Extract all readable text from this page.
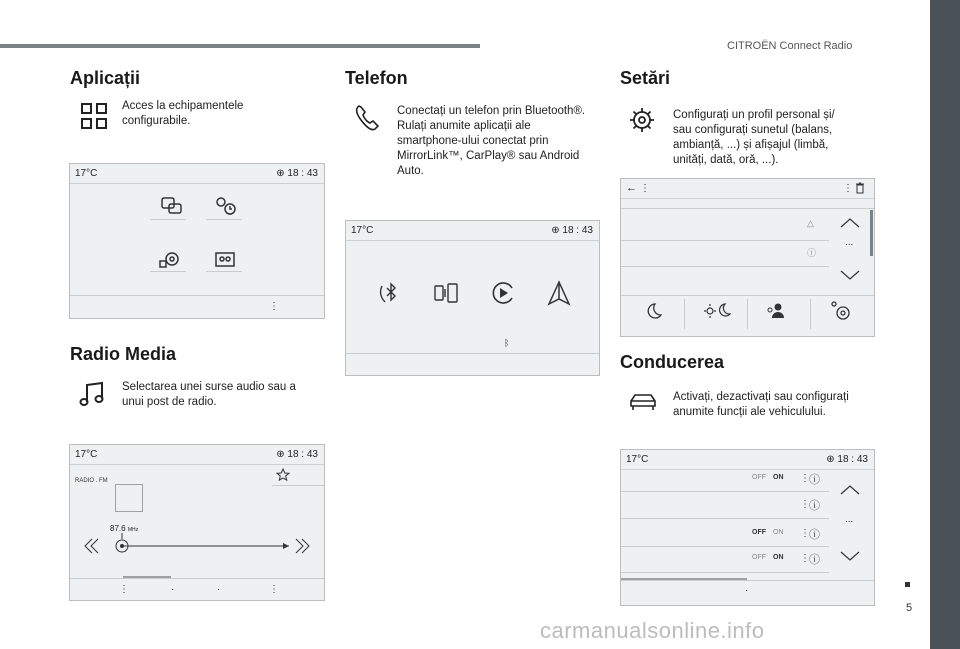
CITROËN Connect Radio
5
carmanualsonline.info
Aplicații
Acces la echipamentele
configurabile.
17°C	⊕ 18 : 43
⋮
Radio Media
Selectarea unei surse audio sau a
unui post de radio.
17°C	⊕ 18 : 43
RADIO . FM
87.6 MHz
⋮	·	·	⋮
Telefon
Conectați un telefon prin Bluetooth®.
Rulați anumite aplicații ale
smartphone-ului conectat prin
MirrorLink™, CarPlay® sau Android
Auto.
17°C	⊕ 18 : 43
ᛒ
Setări
Configurați un profil personal și/
sau configurați sunetul (balans,
ambianță, ...) și afișajul (limbă,
unități, dată, oră, ...).
← ⋮	⋮
△
ⓘ
...
Conducerea
Activați, dezactivați sau configurați
anumite funcții ale vehiculului.
17°C	⊕ 18 : 43
OFF ON ⋮ ⓘ
⋮ ⓘ
OFF ON ⋮ ⓘ
OFF ON ⋮ ⓘ
...
·
